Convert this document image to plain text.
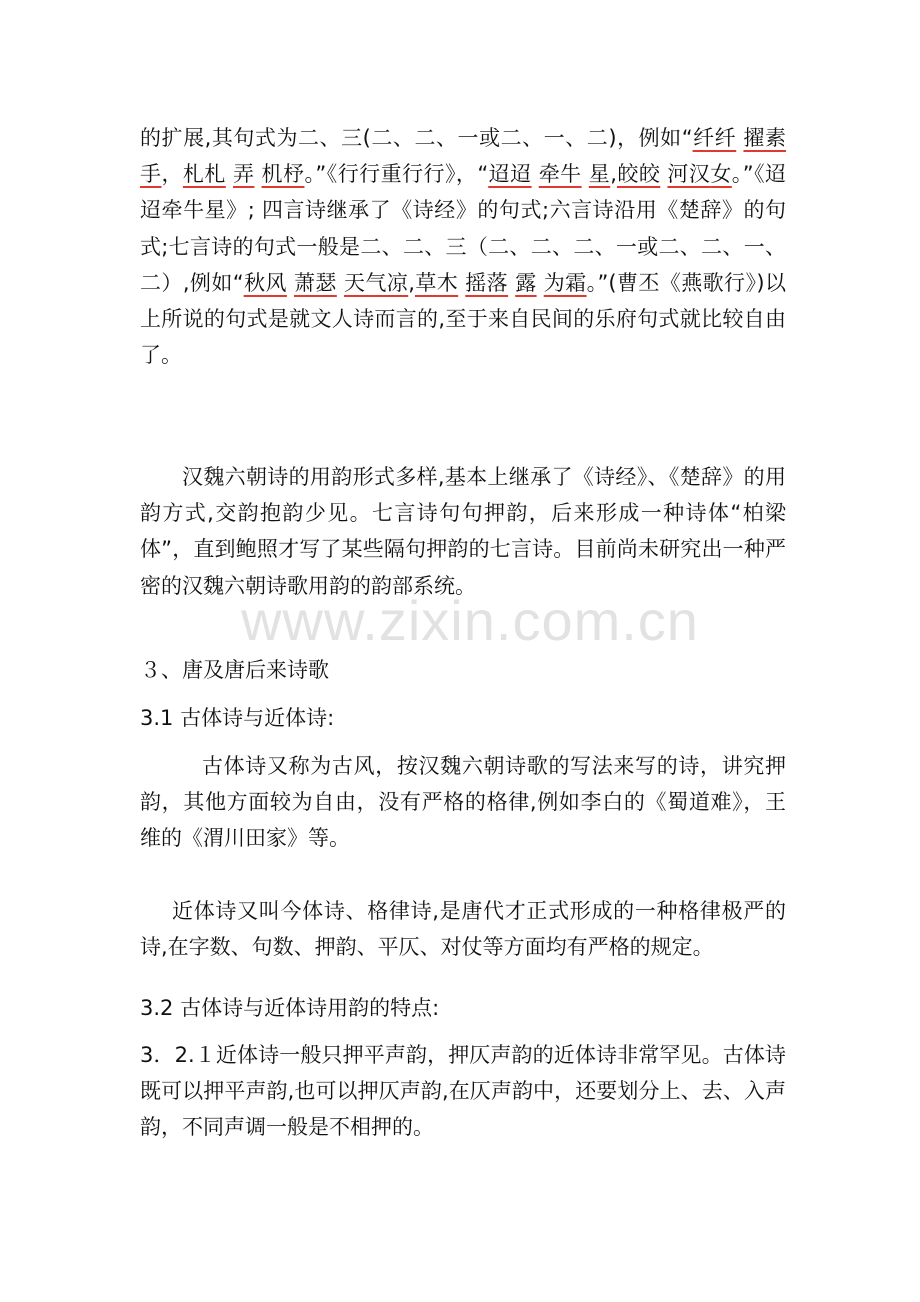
的扩展,其句式为二、三(二、二、一或二、一、二)，例如“纤纤 擢素手，札札 弄 机杼。”《行行重行行》，“迢迢 牵牛 星,皎皎 河汉女。”《迢迢牵牛星》; 四言诗继承了《诗经》的句式;六言诗沿用《楚辞》的句式;七言诗的句式一般是二、二、三（二、二、二、一或二、二、一、二）,例如“秋风 萧瑟 天气凉,草木 摇落 露 为霜。”(曹丕《燕歌行》)以上所说的句式是就文人诗而言的,至于来自民间的乐府句式就比较自由了。
汉魏六朝诗的用韵形式多样,基本上继承了《诗经》、《楚辞》的用韵方式,交韵抱韵少见。七言诗句句押韵，后来形成一种诗体“柏梁体”，直到鲍照才写了某些隔句押韵的七言诗。目前尚未研究出一种严密的汉魏六朝诗歌用韵的韵部系统。
３、唐及唐后来诗歌
3.1 古体诗与近体诗:
古体诗又称为古风，按汉魏六朝诗歌的写法来写的诗，讲究押韵，其他方面较为自由，没有严格的格律,例如李白的《蜀道难》，王维的《渭川田家》等。
近体诗又叫今体诗、格律诗,是唐代才正式形成的一种格律极严的诗,在字数、句数、押韵、平仄、对仗等方面均有严格的规定。
3.2 古体诗与近体诗用韵的特点:
3．2.１近体诗一般只押平声韵，押仄声韵的近体诗非常罕见。古体诗既可以押平声韵,也可以押仄声韵,在仄声韵中，还要划分上、去、入声韵，不同声调一般是不相押的。
www.zixin.com.cn
